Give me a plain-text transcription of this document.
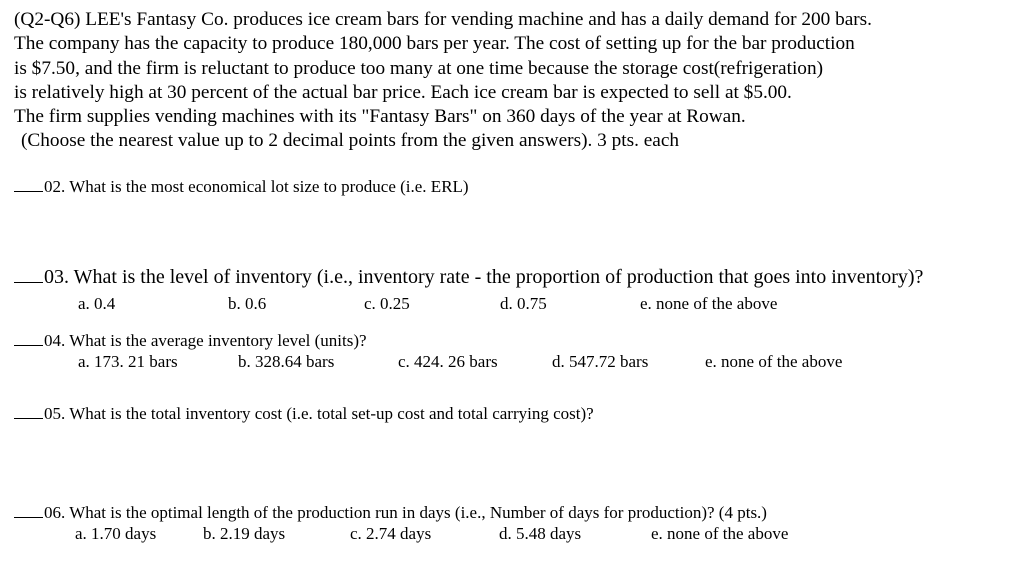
(Q2-Q6) LEE's Fantasy Co. produces ice cream bars for vending machine and has a daily demand for 200 bars.
The company has the capacity to produce 180,000 bars per year. The cost of setting up for the bar production
is $7.50, and the firm is reluctant to produce too many at one time because the storage cost(refrigeration)
is relatively high at 30 percent of the actual bar price. Each ice cream bar is expected to sell at $5.00.
The firm supplies vending machines with its "Fantasy Bars" on 360 days of the year at Rowan.
(Choose the nearest value up to 2 decimal points from the given answers). 3 pts. each
02. What is the most economical lot size to produce (i.e. ERL)
03. What is the level of inventory (i.e., inventory rate - the proportion of production that goes into inventory)?
a. 0.4	b. 0.6	c. 0.25	d. 0.75	e. none of the above
04. What is the average inventory level (units)?
a. 173. 21 bars	b. 328.64 bars	c. 424. 26 bars	d. 547.72 bars	e. none of the above
05. What is the total inventory cost (i.e. total set-up cost and total carrying cost)?
06. What is the optimal length of the production run in days (i.e., Number of days for production)? (4 pts.)
a. 1.70 days	b. 2.19 days	c. 2.74 days	d. 5.48 days	e. none of the above
